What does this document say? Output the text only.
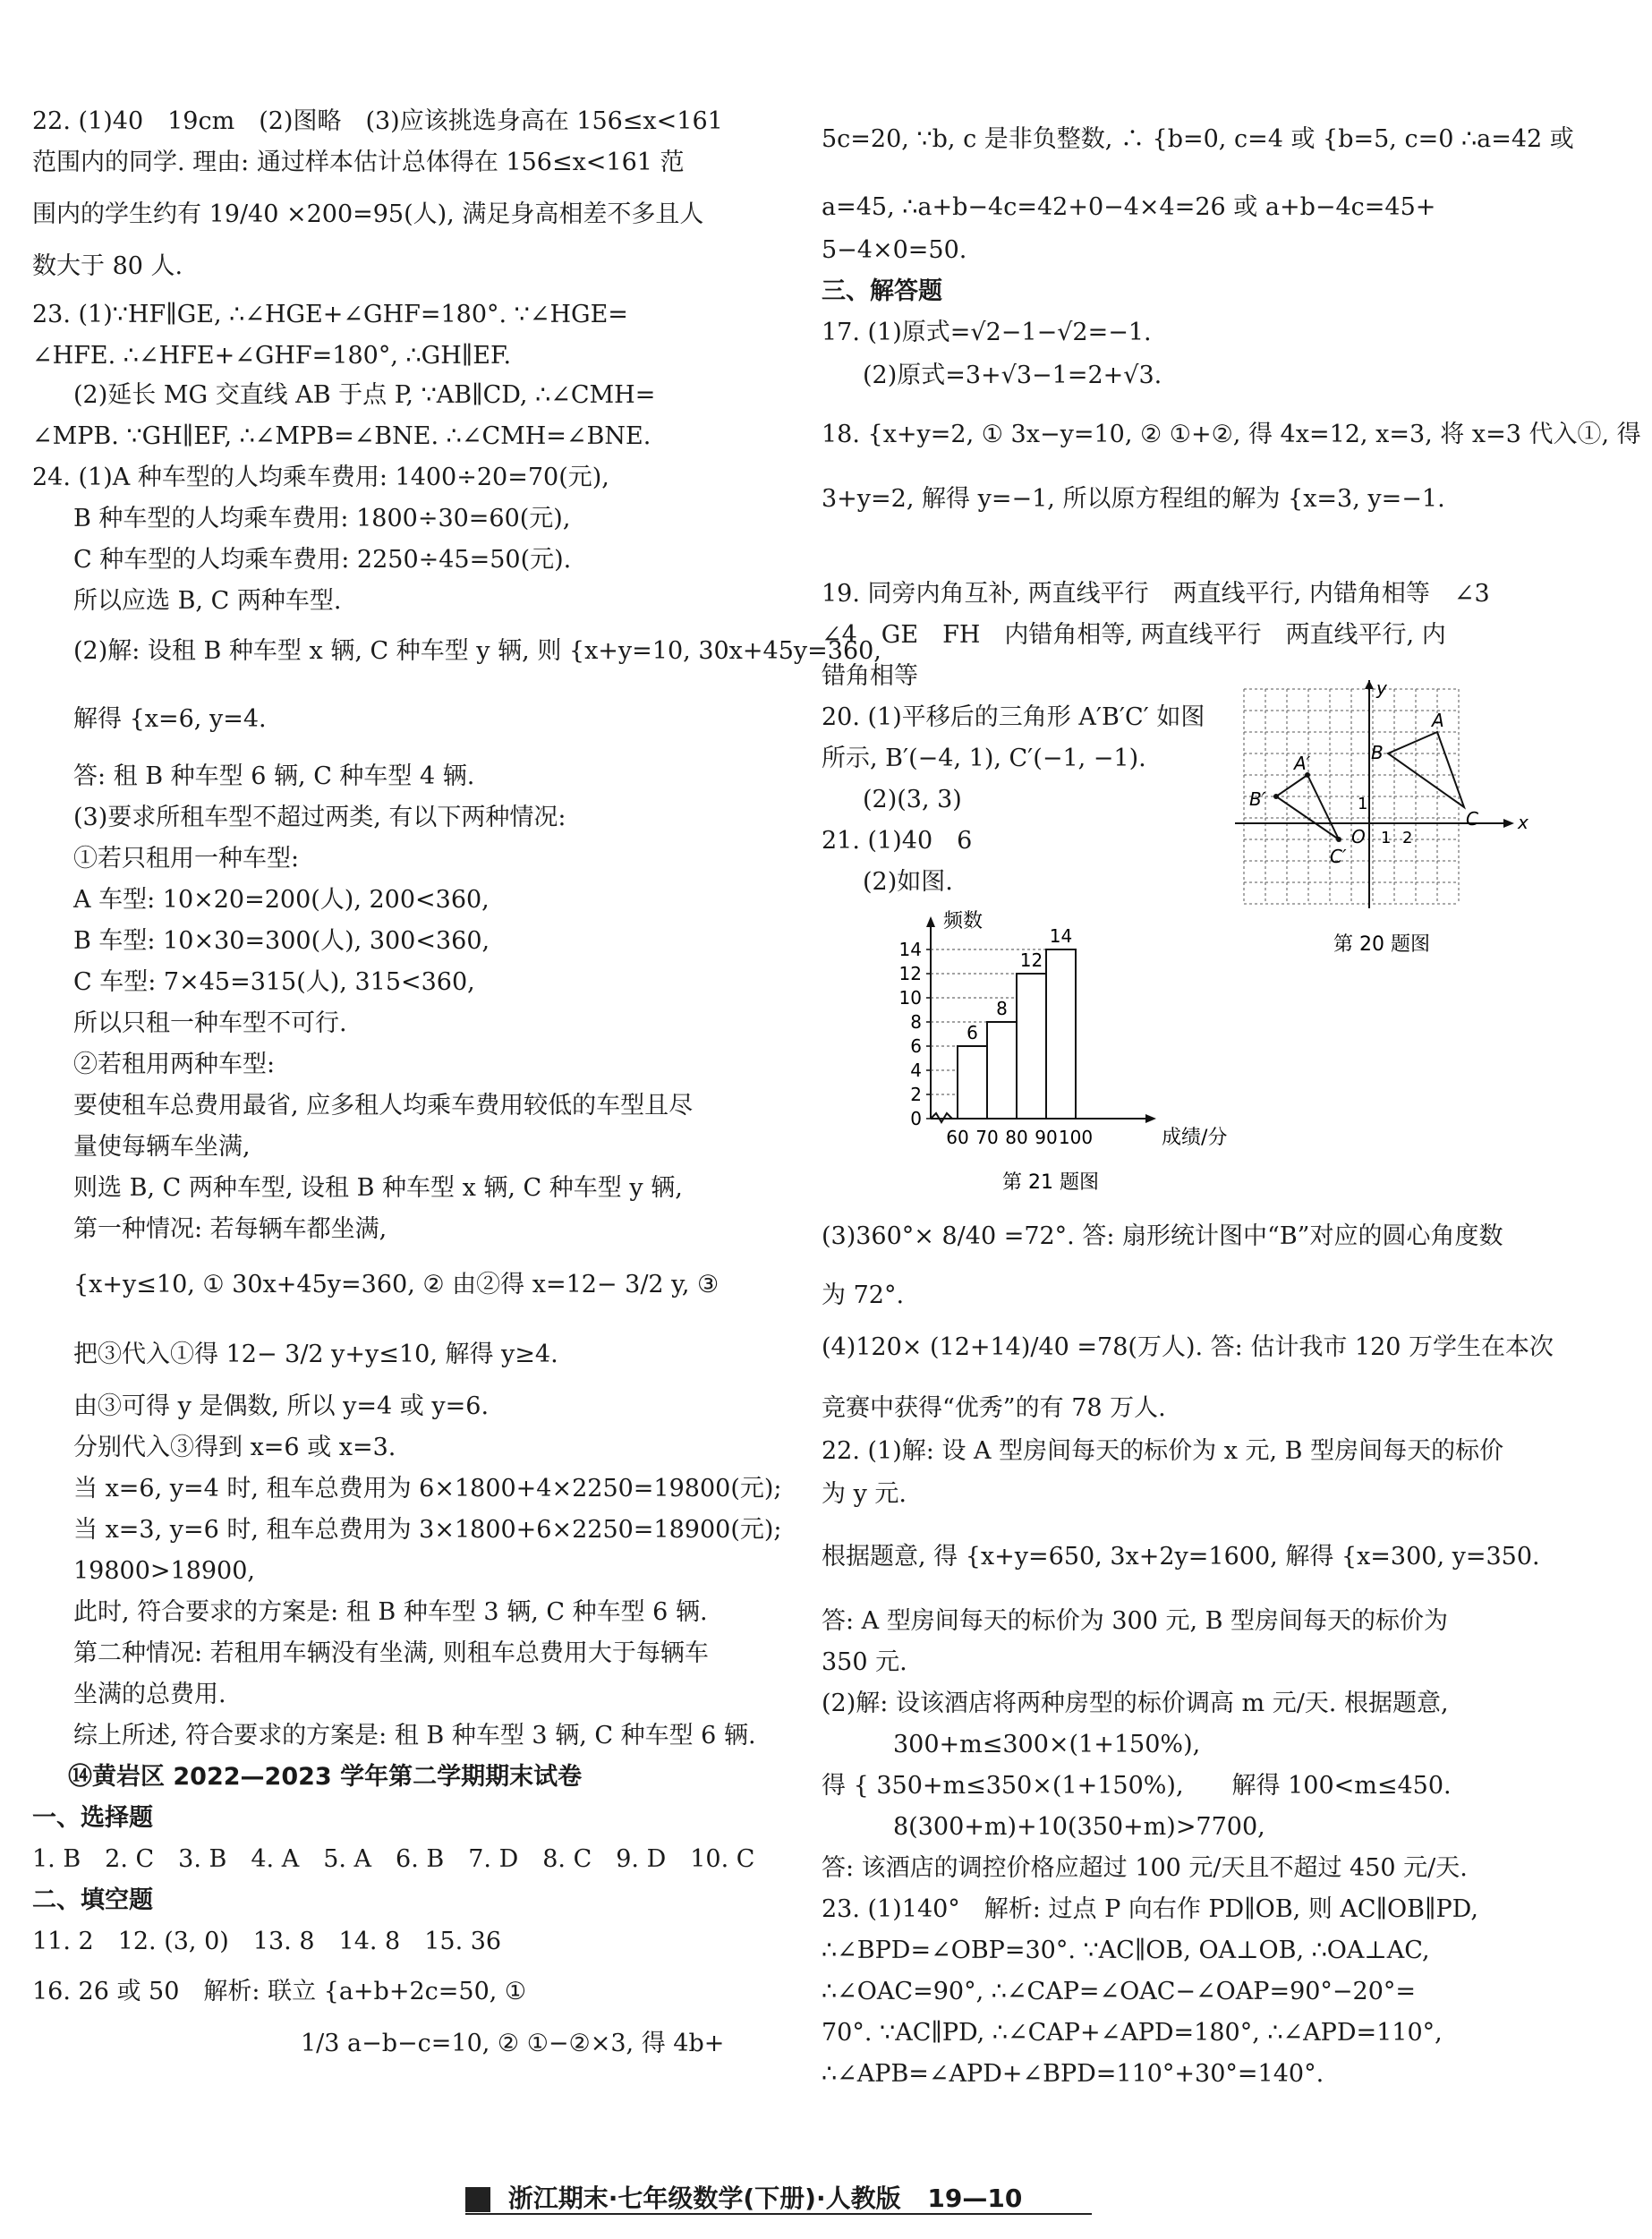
22. (1)40　19cm　(2)图略　(3)应该挑选身高在 156≤x<161
范围内的同学. 理由: 通过样本估计总体得在 156≤x<161 范
围内的学生约有 19/40 ×200=95(人), 满足身高相差不多且人
数大于 80 人.
23. (1)∵HF∥GE, ∴∠HGE+∠GHF=180°. ∵∠HGE=
∠HFE. ∴∠HFE+∠GHF=180°, ∴GH∥EF.
(2)延长 MG 交直线 AB 于点 P, ∵AB∥CD, ∴∠CMH=
∠MPB. ∵GH∥EF, ∴∠MPB=∠BNE. ∴∠CMH=∠BNE.
24. (1)A 种车型的人均乘车费用: 1400÷20=70(元),
B 种车型的人均乘车费用: 1800÷30=60(元),
C 种车型的人均乘车费用: 2250÷45=50(元).
所以应选 B, C 两种车型.
(2)解: 设租 B 种车型 x 辆, C 种车型 y 辆, 则 {x+y=10, 30x+45y=360,
解得 {x=6, y=4.
答: 租 B 种车型 6 辆, C 种车型 4 辆.
(3)要求所租车型不超过两类, 有以下两种情况:
①若只租用一种车型:
A 车型: 10×20=200(人), 200<360,
B 车型: 10×30=300(人), 300<360,
C 车型: 7×45=315(人), 315<360,
所以只租一种车型不可行.
②若租用两种车型:
要使租车总费用最省, 应多租人均乘车费用较低的车型且尽
量使每辆车坐满,
则选 B, C 两种车型, 设租 B 种车型 x 辆, C 种车型 y 辆,
第一种情况: 若每辆车都坐满,
{x+y≤10, ① 30x+45y=360, ② 由②得 x=12− 3/2 y, ③
把③代入①得 12− 3/2 y+y≤10, 解得 y≥4.
由③可得 y 是偶数, 所以 y=4 或 y=6.
分别代入③得到 x=6 或 x=3.
当 x=6, y=4 时, 租车总费用为 6×1800+4×2250=19800(元);
当 x=3, y=6 时, 租车总费用为 3×1800+6×2250=18900(元);
19800>18900,
此时, 符合要求的方案是: 租 B 种车型 3 辆, C 种车型 6 辆.
第二种情况: 若租用车辆没有坐满, 则租车总费用大于每辆车
坐满的总费用.
综上所述, 符合要求的方案是: 租 B 种车型 3 辆, C 种车型 6 辆.
⑭黄岩区 2022—2023 学年第二学期期末试卷
一、选择题
1. B　2. C　3. B　4. A　5. A　6. B　7. D　8. C　9. D　10. C
二、填空题
11. 2　12. (3, 0)　13. 8　14. 8　15. 36
16. 26 或 50　解析: 联立 {a+b+2c=50, ①
1/3 a−b−c=10, ② ①−②×3, 得 4b+
5c=20, ∵b, c 是非负整数, ∴ {b=0, c=4 或 {b=5, c=0 ∴a=42 或
a=45, ∴a+b−4c=42+0−4×4=26 或 a+b−4c=45+
5−4×0=50.
三、解答题
17. (1)原式=√2−1−√2=−1.
(2)原式=3+√3−1=2+√3.
18. {x+y=2, ① 3x−y=10, ② ①+②, 得 4x=12, x=3, 将 x=3 代入①, 得
3+y=2, 解得 y=−1, 所以原方程组的解为 {x=3, y=−1.
19. 同旁内角互补, 两直线平行　两直线平行, 内错角相等　∠3
∠4　GE　FH　内错角相等, 两直线平行　两直线平行, 内
错角相等
20. (1)平移后的三角形 A′B′C′ 如图
所示, B′(−4, 1), C′(−1, −1).
(2)(3, 3)
21. (1)40　6
(2)如图.
(3)360°× 8/40 =72°. 答: 扇形统计图中“B”对应的圆心角度数
为 72°.
(4)120× (12+14)/40 =78(万人). 答: 估计我市 120 万学生在本次
竞赛中获得“优秀”的有 78 万人.
22. (1)解: 设 A 型房间每天的标价为 x 元, B 型房间每天的标价
为 y 元.
根据题意, 得 {x+y=650, 3x+2y=1600, 解得 {x=300, y=350.
答: A 型房间每天的标价为 300 元, B 型房间每天的标价为
350 元.
(2)解: 设该酒店将两种房型的标价调高 m 元/天. 根据题意,
300+m≤300×(1+150%),
得 { 350+m≤350×(1+150%),　　解得 100<m≤450.
8(300+m)+10(350+m)>7700,
答: 该酒店的调控价格应超过 100 元/天且不超过 450 元/天.
23. (1)140°　解析: 过点 P 向右作 PD∥OB, 则 AC∥OB∥PD,
∴∠BPD=∠OBP=30°. ∵AC∥OB, OA⊥OB, ∴OA⊥AC,
∴∠OAC=90°, ∴∠CAP=∠OAC−∠OAP=90°−20°=
70°. ∵AC∥PD, ∴∠CAP+∠APD=180°, ∴∠APD=110°,
∴∠APB=∠APD+∠BPD=110°+30°=140°.
x
y
O 1 2
1
A
B
C
A′
B′
C′
第 20 题图
0
2
4
6
8
10
12
14
60 70 80 90 100
6
8
12
14
频数
成绩/分
第 21 题图
浙江期末·七年级数学(下册)·人教版 19—10
